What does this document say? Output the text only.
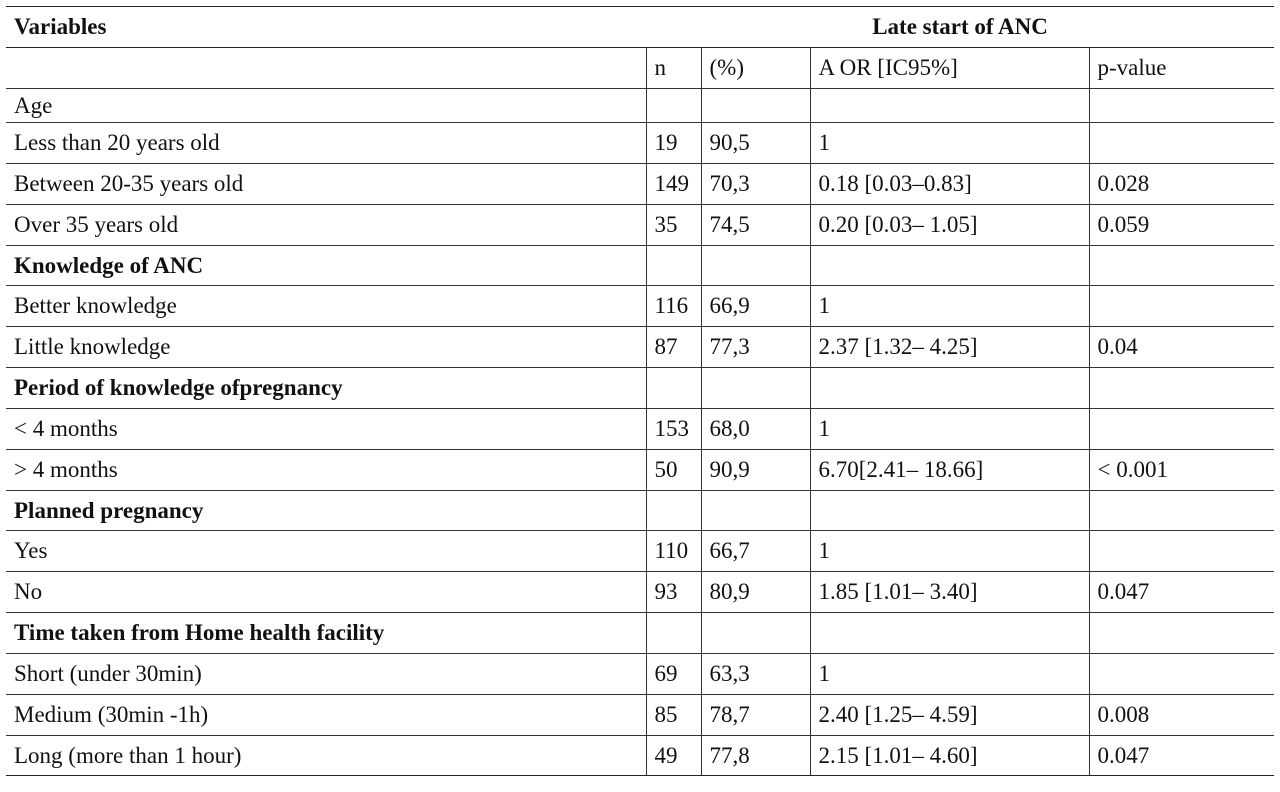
Variables	Late start of ANC			
	n	(%)	A OR [IC95%]	p-value
Age				
Less than 20 years old	19	90,5	1	
Between 20-35 years old	149	70,3	0.18 [0.03–0.83]	0.028
Over 35 years old	35	74,5	0.20 [0.03– 1.05]	0.059
Knowledge of ANC				
Better knowledge	116	66,9	1	
Little knowledge	87	77,3	2.37 [1.32– 4.25]	0.04
Period of knowledge ofpregnancy				
< 4 months	153	68,0	1	
> 4 months	50	90,9	6.70[2.41– 18.66]	< 0.001
Planned pregnancy				
Yes	110	66,7	1	
No	93	80,9	1.85 [1.01– 3.40]	0.047
Time taken from Home health facility				
Short (under 30min)	69	63,3	1	
Medium (30min -1h)	85	78,7	2.40 [1.25– 4.59]	0.008
Long (more than 1 hour)	49	77,8	2.15 [1.01– 4.60]	0.047
